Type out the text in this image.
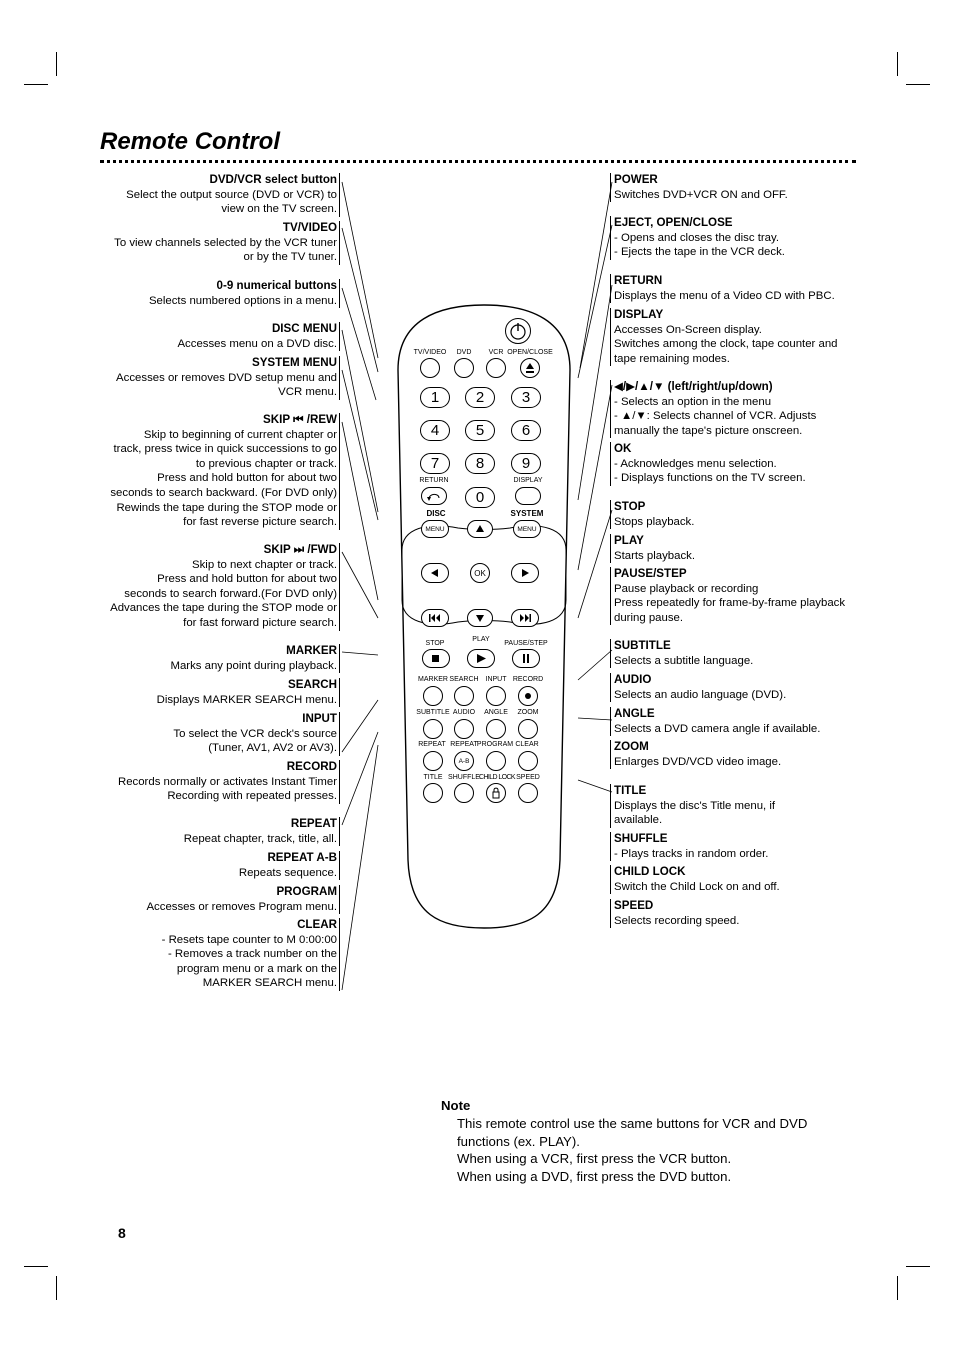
Remote Control
DVD/VCR select button
Select the output source (DVD or VCR) to
view on the TV screen.
TV/VIDEO
To view channels selected by the VCR tuner
or by the TV tuner.
0-9 numerical buttons
Selects numbered options in a menu.
DISC MENU
Accesses menu on a DVD disc.
SYSTEM MENU
Accesses or removes DVD setup menu and
VCR menu.
SKIP ⏮ /REW
Skip to beginning of current chapter or
track, press twice in quick successions to go
to previous chapter or track.
Press and hold button for about two
seconds to search backward. (For DVD only)
Rewinds the tape during the STOP mode or
for fast reverse picture search.
SKIP ⏭ /FWD
Skip to next chapter or track.
Press and hold button for about two
seconds to search forward.(For DVD only)
Advances the tape during the STOP mode or
for fast forward picture search.
MARKER
Marks any point during playback.
SEARCH
Displays MARKER SEARCH menu.
INPUT
To select the VCR deck's source
(Tuner, AV1, AV2 or AV3).
RECORD
Records normally or activates Instant Timer
Recording with repeated presses.
REPEAT
Repeat chapter, track, title, all.
REPEAT A-B
Repeats sequence.
PROGRAM
Accesses or removes Program menu.
CLEAR
- Resets tape counter to M 0:00:00
- Removes a track number on the
program menu or a mark on the
MARKER SEARCH menu.
POWER
Switches DVD+VCR ON and OFF.
EJECT, OPEN/CLOSE
- Opens and closes the disc tray.
- Ejects the tape in the VCR deck.
RETURN
Displays the menu of a Video CD with PBC.
DISPLAY
Accesses On-Screen display.
Switches among the clock, tape counter and
tape remaining modes.
◀/▶/▲/▼ (left/right/up/down)
- Selects an option in the menu
- ▲/▼: Selects channel of VCR. Adjusts
manually the tape's picture onscreen.
OK
- Acknowledges menu selection.
- Displays functions on the TV screen.
STOP
Stops playback.
PLAY
Starts playback.
PAUSE/STEP
Pause playback or recording
Press repeatedly for frame-by-frame playback
during pause.
SUBTITLE
Selects a subtitle language.
AUDIO
Selects an audio language (DVD).
ANGLE
Selects a DVD camera angle if available.
ZOOM
Enlarges DVD/VCD video image.
TITLE
Displays the disc's Title menu, if
available.
SHUFFLE
- Plays tracks in random order.
CHILD LOCK
Switch the Child Lock on and off.
SPEED
Selects recording speed.
TV/VIDEO DVD VCR OPEN/CLOSE
1	2	3
4	5	6
7	8	9
RETURN	DISPLAY
0
DISC	SYSTEM
MENU	MENU
OK
STOP
PLAY
PAUSE/STEP
MARKER SEARCH INPUT RECORD
SUBTITLE AUDIO ANGLE ZOOM
REPEAT REPEAT PROGRAM CLEAR
A-B
TITLE SHUFFLE CHILD LOCK SPEED
Note
This remote control use the same buttons for VCR and DVD
functions (ex. PLAY).
When using a VCR, first press the VCR button.
When using a DVD, first press the DVD button.
8
